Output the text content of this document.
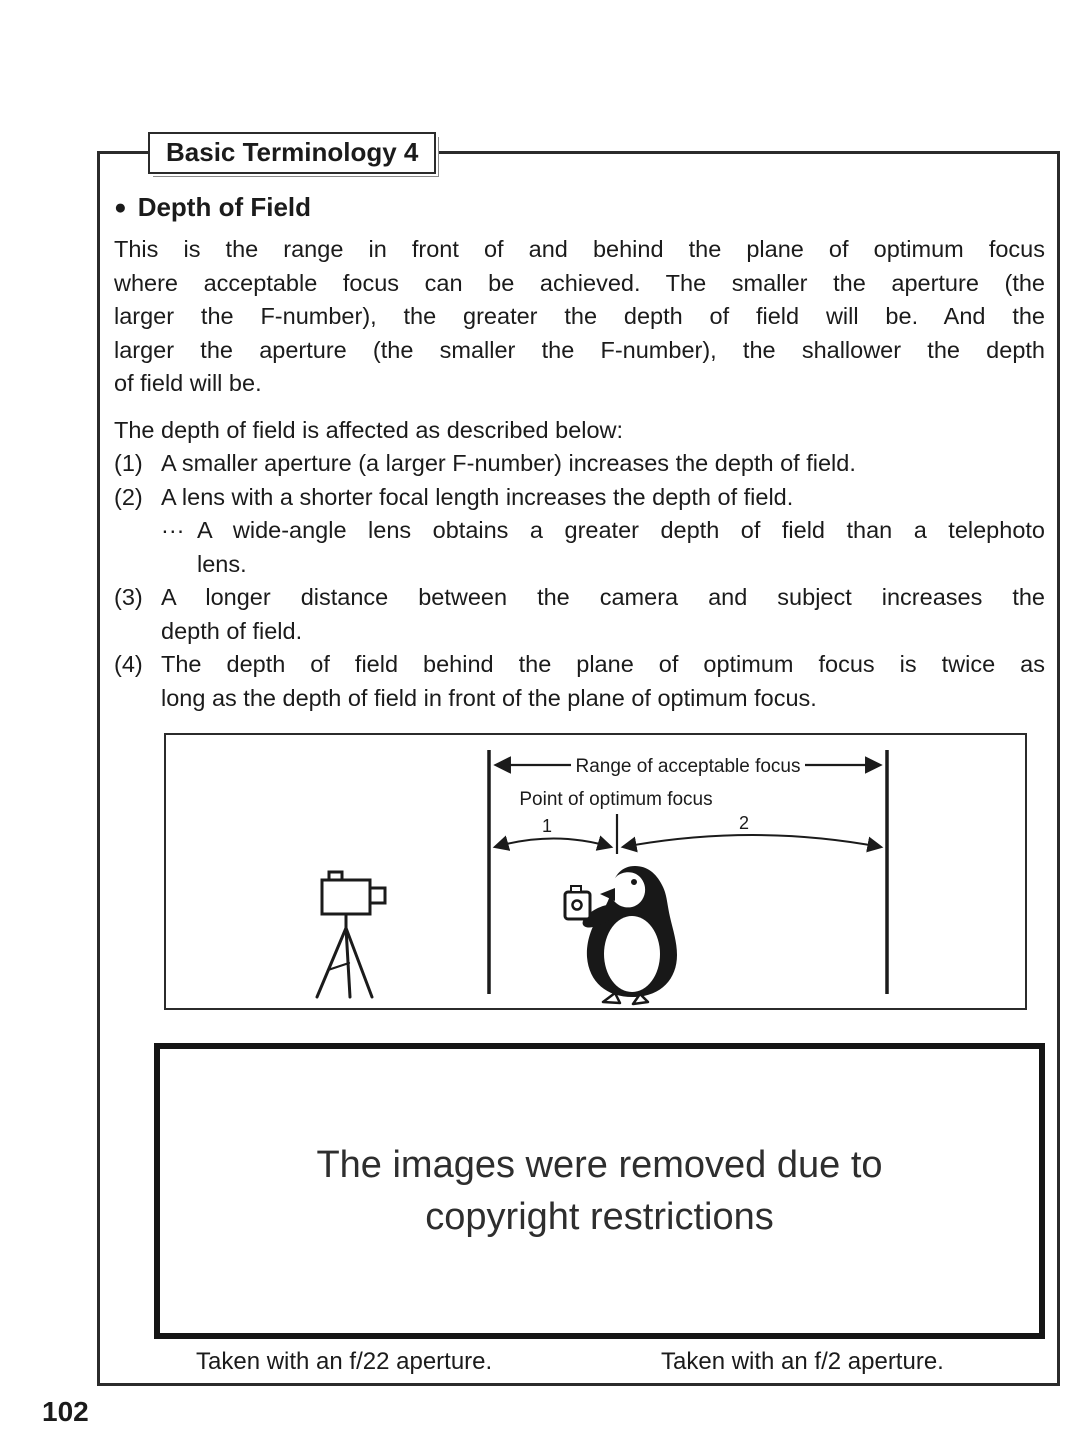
Basic Terminology 4
● Depth of Field
This is the range in front of and behind the plane of optimum focus
where acceptable focus can be achieved. The smaller the aperture (the
larger the F-number), the greater the depth of field will be. And the
larger the aperture (the smaller the F-number), the shallower the depth
of field will be.
The depth of field is affected as described below:
(1) A smaller aperture (a larger F-number) increases the depth of field.
(2) A lens with a shorter focal length increases the depth of field.
··· A wide-angle lens obtains a greater depth of field than a telephoto
lens.
(3) A longer distance between the camera and subject increases the
depth of field.
(4) The depth of field behind the plane of optimum focus is twice as
long as the depth of field in front of the plane of optimum focus.
Range of acceptable focus
Point of optimum focus
1	2
The images were removed due to
copyright restrictions
Taken with an f/22 aperture.	Taken with an f/2 aperture.
102
